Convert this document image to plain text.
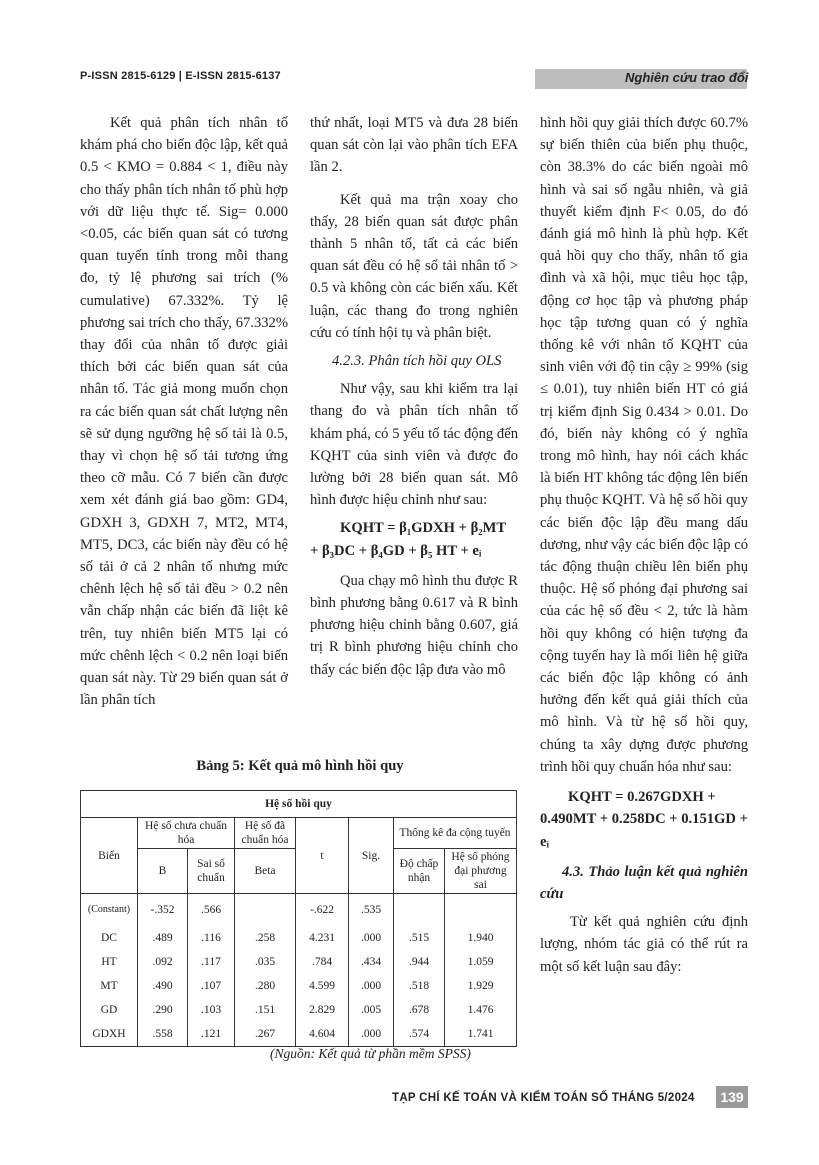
P-ISSN 2815-6129 | E-ISSN 2815-6137	Nghiên cứu trao đổi

Kết quả phân tích nhân tố khám phá cho biến độc lập, kết quả 0.5 < KMO = 0.884 < 1, điều này cho thấy phân tích nhân tố phù hợp với dữ liệu thực tế. Sig= 0.000 <0.05, các biến quan sát có tương quan tuyến tính trong mỗi thang đo, tỷ lệ phương sai trích (% cumulative) 67.332%. Tỷ lệ phương sai trích cho thấy, 67.332% thay đổi của nhân tố được giải thích bởi các biến quan sát của nhân tố. Tác giả mong muốn chọn ra các biến quan sát chất lượng nên sẽ sử dụng ngưỡng hệ số tải là 0.5, thay vì chọn hệ số tải tương ứng theo cỡ mẫu. Có 7 biến cần được xem xét đánh giá bao gồm: GD4, GDXH 3, GDXH 7, MT2, MT4, MT5, DC3, các biến này đều có hệ số tải ở cả 2 nhân tố nhưng mức chênh lệch hệ số tải đều > 0.2 nên vẫn chấp nhận các biến đã liệt kê trên, tuy nhiên biến MT5 lại có mức chênh lệch < 0.2 nên loại biến quan sát này. Từ 29 biến quan sát ở lần phân tích

thứ nhất, loại MT5 và đưa 28 biến quan sát còn lại vào phân tích EFA lần 2.

Kết quả ma trận xoay cho thấy, 28 biến quan sát được phân thành 5 nhân tố, tất cả các biến quan sát đều có hệ số tải nhân tố > 0.5 và không còn các biến xấu. Kết luận, các thang đo trong nghiên cứu có tính hội tụ và phân biệt.

4.2.3. Phân tích hồi quy OLS

Như vậy, sau khi kiểm tra lại thang đo và phân tích nhân tố khám phá, có 5 yếu tố tác động đến KQHT của sinh viên và được đo lường bởi 28 biến quan sát. Mô hình được hiệu chỉnh như sau:

KQHT = β₁GDXH + β₂MT
+ β₃DC + β₄GD + β₅ HT + eᵢ

Qua chạy mô hình thu được R bình phương bằng 0.617 và R bình phương hiệu chỉnh bằng 0.607, giá trị R bình phương hiệu chỉnh cho thấy các biến độc lập đưa vào mô

hình hồi quy giải thích được 60.7% sự biến thiên của biến phụ thuộc, còn 38.3% do các biến ngoài mô hình và sai số ngẫu nhiên, và giả thuyết kiểm định F< 0.05, do đó đánh giá mô hình là phù hợp. Kết quả hồi quy cho thấy, nhân tố gia đình và xã hội, mục tiêu học tập, động cơ học tập và phương pháp học tập tương quan có ý nghĩa thống kê với nhân tố KQHT của sinh viên với độ tin cậy ≥ 99% (sig ≤ 0.01), tuy nhiên biến HT có giá trị kiểm định Sig 0.434 > 0.01. Do đó, biến này không có ý nghĩa trong mô hình, hay nói cách khác là biến HT không tác động lên biến phụ thuộc KQHT. Và hệ số hồi quy các biến độc lập đều mang dấu dương, như vậy các biến độc lập có tác động thuận chiều lên biến phụ thuộc. Hệ số phóng đại phương sai của các hệ số đều < 2, tức là hàm hồi quy không có hiện tượng đa cộng tuyến hay là mối liên hệ giữa các biến độc lập không có ảnh hưởng đến kết quả giải thích của mô hình. Và từ hệ số hồi quy, chúng ta xây dựng được phương trình hồi quy chuẩn hóa như sau:

KQHT = 0.267GDXH +
0.490MT + 0.258DC + 0.151GD + eᵢ

4.3. Thảo luận kết quả nghiên cứu

Từ kết quả nghiên cứu định lượng, nhóm tác giả có thể rút ra một số kết luận sau đây:

Bảng 5: Kết quả mô hình hồi quy
Hệ số hồi quy							
Biến	Hệ số chưa chuẩn hóa		Hệ số đã chuẩn hóa	t	Sig.	Thống kê đa cộng tuyến	
	B	Sai số chuẩn	Beta			Độ chấp nhận	Hệ số phóng đại phương sai
(Constant)	-.352	.566		-.622	.535		
DC	.489	.116	.258	4.231	.000	.515	1.940
HT	.092	.117	.035	.784	.434	.944	1.059
MT	.490	.107	.280	4.599	.000	.518	1.929
GD	.290	.103	.151	2.829	.005	.678	1.476
GDXH	.558	.121	.267	4.604	.000	.574	1.741
(Nguồn: Kết quả từ phần mềm SPSS)
TẠP CHÍ KẾ TOÁN VÀ KIỂM TOÁN SỐ THÁNG 5/2024	139
